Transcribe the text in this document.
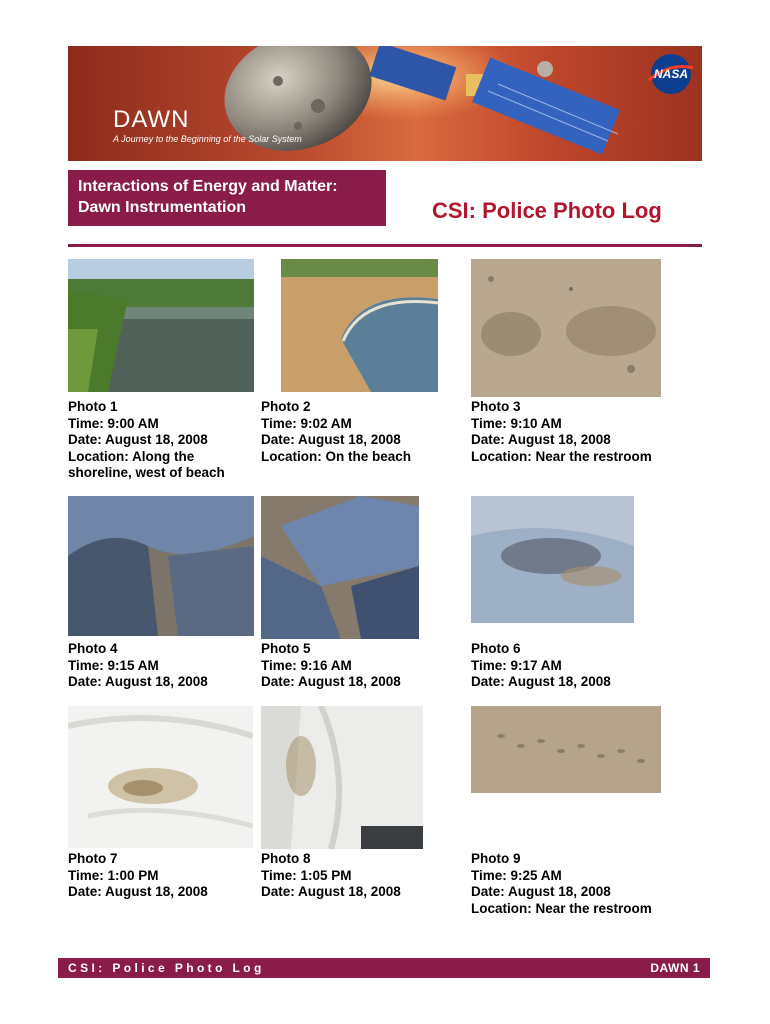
DAWN
A Journey to the Beginning of the Solar System
NASA
Interactions of Energy and Matter:
Dawn Instrumentation	CSI: Police Photo Log
Photo 1
Time: 9:00 AM
Date: August 18, 2008
Location: Along the
shoreline, west of beach
Photo 2
Time: 9:02 AM
Date: August 18, 2008
Location: On the beach
Photo 3
Time: 9:10 AM
Date: August 18, 2008
Location: Near the restroom
Photo 4
Time: 9:15 AM
Date: August 18, 2008
Photo 5
Time: 9:16 AM
Date: August 18, 2008
Photo 6
Time: 9:17 AM
Date: August 18, 2008
Photo 7
Time: 1:00 PM
Date: August 18, 2008
Photo 8
Time: 1:05 PM
Date: August 18, 2008
Photo 9
Time: 9:25 AM
Date: August 18, 2008
Location: Near the restroom
CSI: Police Photo Log	DAWN 1
